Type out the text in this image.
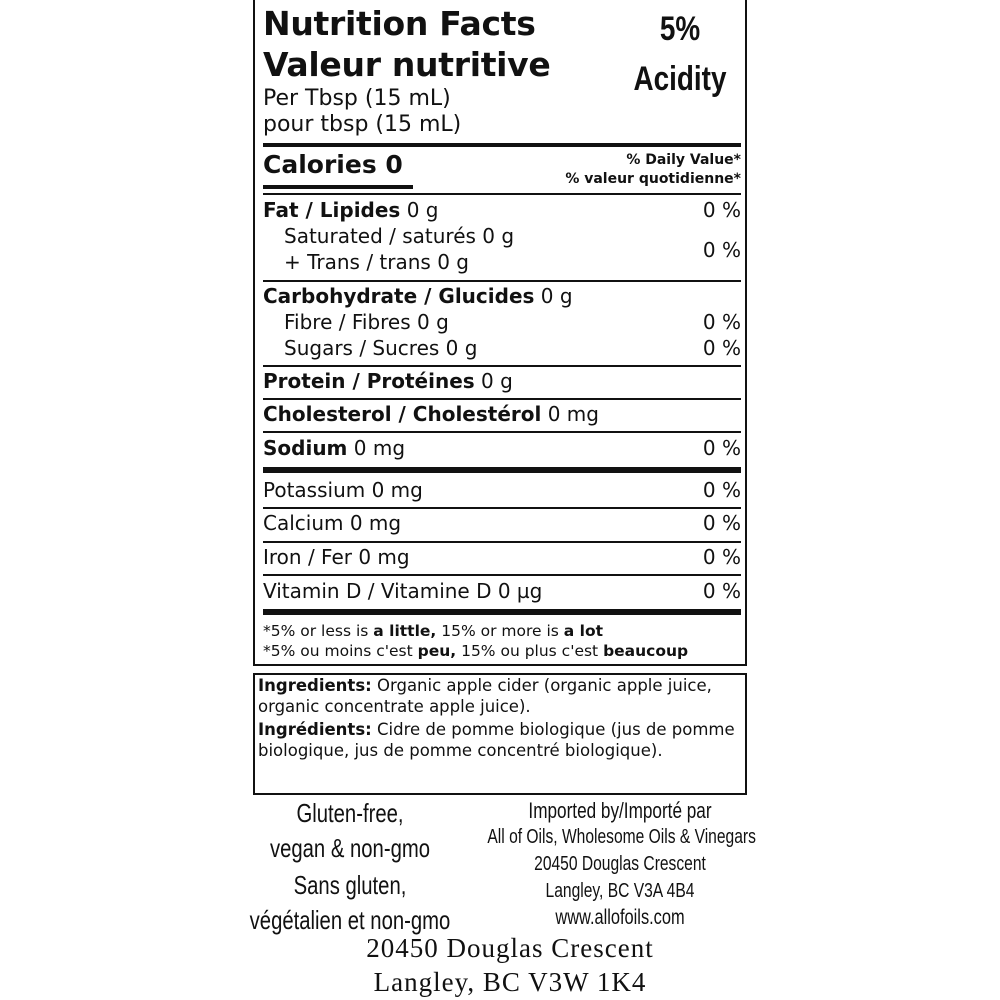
Nutrition Facts
Valeur nutritive
Per Tbsp (15 mL)
pour tbsp (15 mL)
5%
Acidity
Calories 0	% Daily Value*
% valeur quotidienne*
Fat / Lipides 0 g	0 %
Saturated / saturés 0 g
+ Trans / trans 0 g	0 %
Carbohydrate / Glucides 0 g
Fibre / Fibres 0 g	0 %
Sugars / Sucres 0 g	0 %
Protein / Protéines 0 g
Cholesterol / Cholestérol 0 mg
Sodium 0 mg	0 %
Potassium 0 mg	0 %
Calcium 0 mg	0 %
Iron / Fer 0 mg	0 %
Vitamin D / Vitamine D 0 µg	0 %
*5% or less is a little, 15% or more is a lot
*5% ou moins c'est peu, 15% ou plus c'est beaucoup
Ingredients: Organic apple cider (organic apple juice, organic concentrate apple juice).
Ingrédients: Cidre de pomme biologique (jus de pomme biologique, jus de pomme concentré biologique).
Gluten-free,
vegan & non-gmo
Sans gluten,
végétalien et non-gmo
Imported by/Importé par
All of Oils, Wholesome Oils & Vinegars
20450 Douglas Crescent
Langley, BC V3A 4B4
www.allofoils.com
20450 Douglas Crescent
Langley, BC V3W 1K4
